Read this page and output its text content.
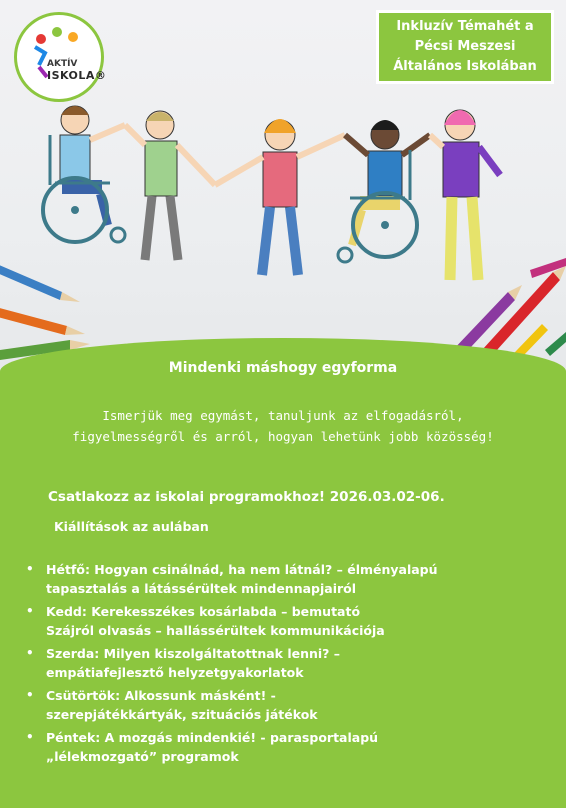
AKTÍV
ISKOLA®
Inkluzív Témahét a
Pécsi Meszesi
Általános Iskolában
Mindenki máshogy egyforma
Ismerjük meg egymást, tanuljunk az elfogadásról, figyelmességről és arról, hogyan lehetünk jobb közösség!
Csatlakozz az iskolai programokhoz! 2026.03.02-06.
Kiállítások az aulában
• Hétfő: Hogyan csinálnád, ha nem látnál? – élményalapú
tapasztalás a látássérültek mindennapjairól
• Kedd: Kerekesszékes kosárlabda – bemutató
Szájról olvasás – hallássérültek kommunikációja
• Szerda: Milyen kiszolgáltatottnak lenni? –
empátiafejlesztő helyzetgyakorlatok
• Csütörtök: Alkossunk másként! -
szerepjátékkártyák, szituációs játékok
• Péntek: A mozgás mindenkié! - parasportalapú
„lélekmozgató” programok
